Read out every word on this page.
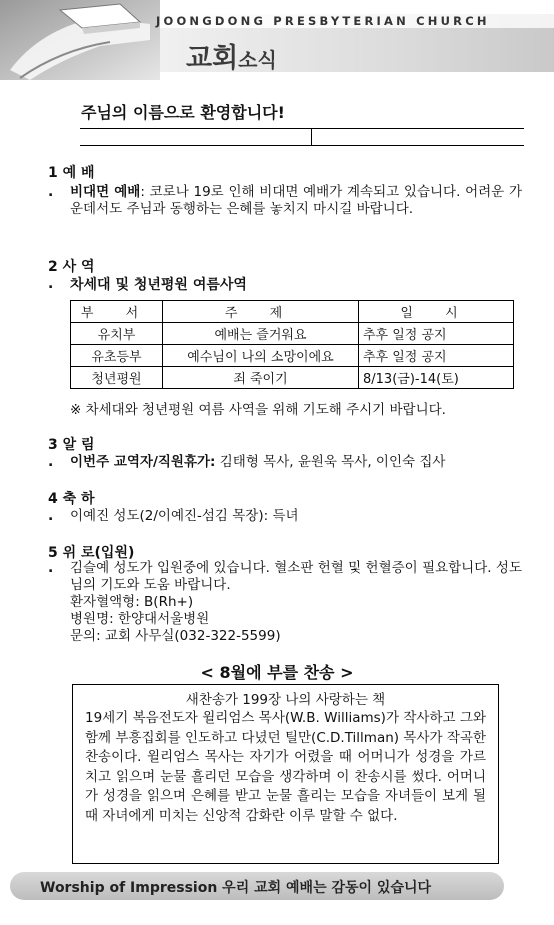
JOONGDONG PRESBYTERIAN CHURCH
교회소식
주님의 이름으로 환영합니다!
1 예 배
. 비대면 예배: 코로나 19로 인해 비대면 예배가 계속되고 있습니다. 어려운 가운데서도 주님과 동행하는 은혜를 놓치지 마시길 바랍니다.
2 사 역
. 차세대 및 청년평원 여름사역
부 서	주 제	일 시
유치부	예배는 즐거워요	추후 일정 공지
유초등부	예수님이 나의 소망이에요	추후 일정 공지
청년평원	죄 죽이기	8/13(금)-14(토)
※ 차세대와 청년평원 여름 사역을 위해 기도해 주시기 바랍니다.
3 알 림
. 이번주 교역자/직원휴가: 김태형 목사, 윤원욱 목사, 이인숙 집사
4 축 하
. 이예진 성도(2/이예진-섬김 목장): 득녀
5 위 로(입원)
. 김슬예 성도가 입원중에 있습니다. 혈소판 헌혈 및 헌혈증이 필요합니다. 성도님의 기도와 도움 바랍니다.
환자혈액형: B(Rh+)
병원명: 한양대서울병원
문의: 교회 사무실(032-322-5599)
< 8월에 부를 찬송 >
새찬송가 199장 나의 사랑하는 책
19세기 복음전도자 윌리엄스 목사(W.B. Williams)가 작사하고 그와 함께 부흥집회를 인도하고 다녔던 틸만(C.D.Tillman) 목사가 작곡한 찬송이다. 윌리엄스 목사는 자기가 어렸을 때 어머니가 성경을 가르치고 읽으며 눈물 흘리던 모습을 생각하며 이 찬송시를 썼다. 어머니가 성경을 읽으며 은혜를 받고 눈물 흘리는 모습을 자녀들이 보게 될 때 자녀에게 미치는 신앙적 감화란 이루 말할 수 없다.
Worship of Impression 우리 교회 예배는 감동이 있습니다
